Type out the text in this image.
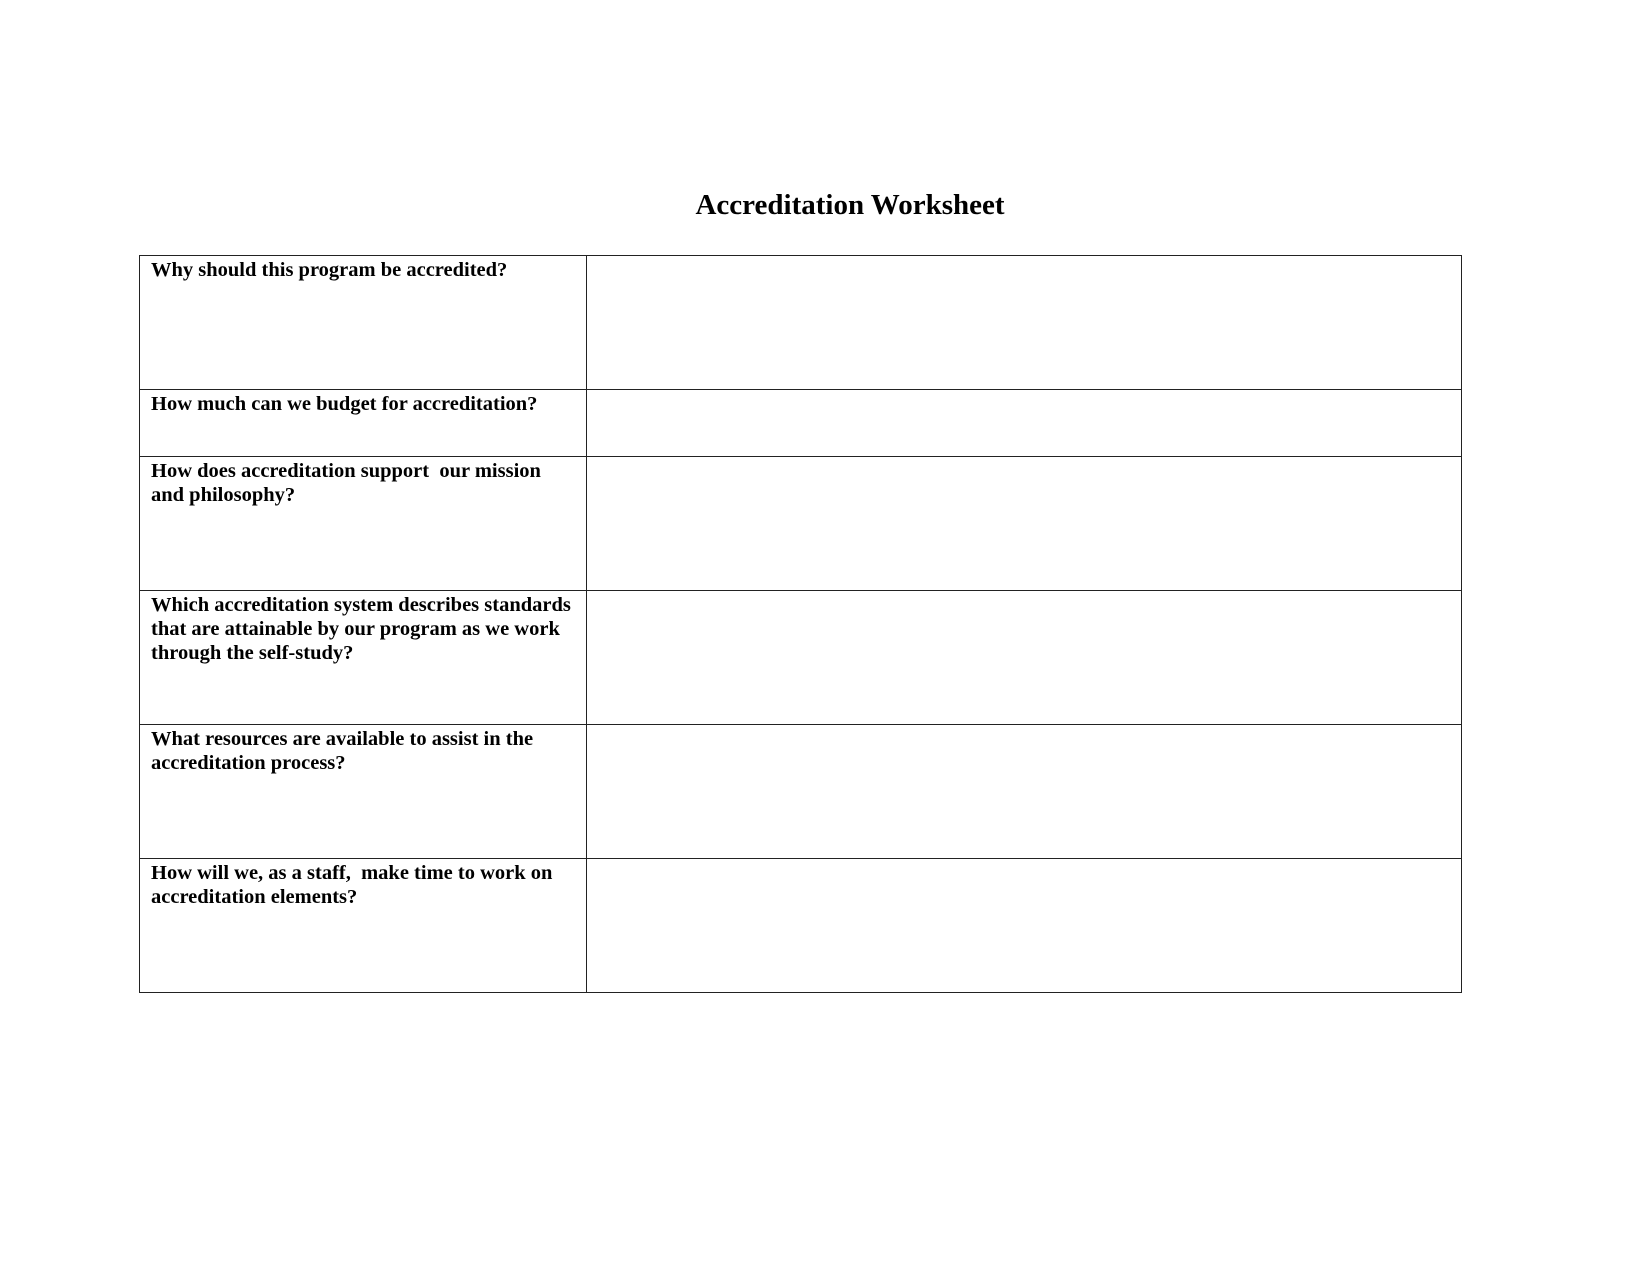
Accreditation Worksheet
Why should this program be accredited?	

How much can we budget for accreditation?	

How does accreditation support  our mission and philosophy?	

Which accreditation system describes standards that are attainable by our program as we work through the self-study?	

What resources are available to assist in the accreditation process?	

How will we, as a staff,  make time to work on accreditation elements?	
